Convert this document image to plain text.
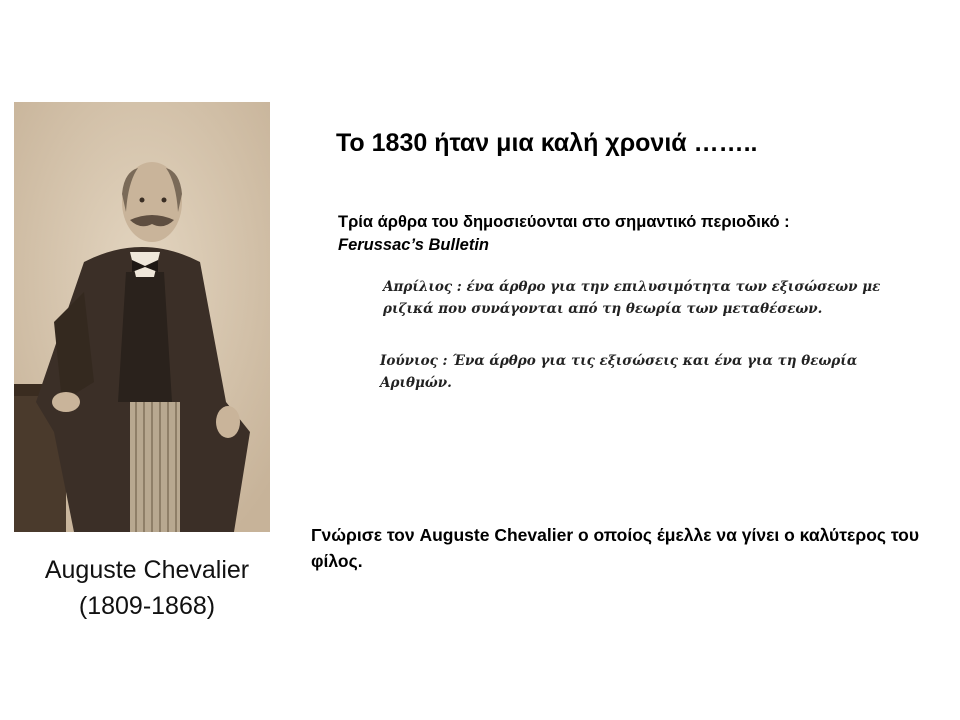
Auguste Chevalier
(1809-1868)
Το 1830 ήταν μια καλή χρονιά ……..
Τρία άρθρα του δημοσιεύονται στο σημαντικό περιοδικό :
Ferussac’s Bulletin
Απρίλιος : ένα άρθρο για την επιλυσιμότητα των εξισώσεων με ριζικά που συνάγονται από τη θεωρία των μεταθέσεων.
Ιούνιος : Ένα άρθρο για τις εξισώσεις και ένα για τη θεωρία Αριθμών.
Γνώρισε τον Auguste Chevalier ο οποίος έμελλε να γίνει ο καλύτερος του φίλος.
